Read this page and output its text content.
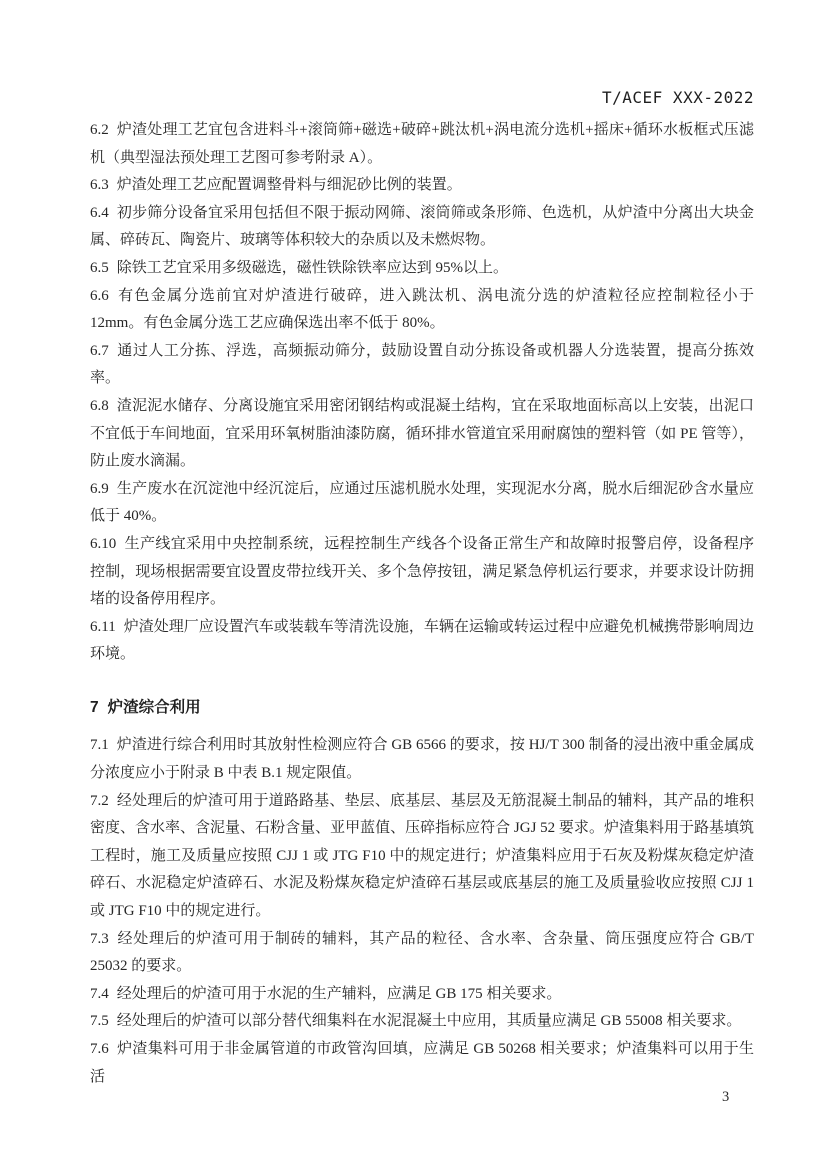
T/ACEF XXX-2022

6.2 炉渣处理工艺宜包含进料斗+滚筒筛+磁选+破碎+跳汰机+涡电流分选机+摇床+循环水板框式压滤机（典型湿法预处理工艺图可参考附录 A）。

6.3 炉渣处理工艺应配置调整骨料与细泥砂比例的装置。

6.4 初步筛分设备宜采用包括但不限于振动网筛、滚筒筛或条形筛、色选机，从炉渣中分离出大块金属、碎砖瓦、陶瓷片、玻璃等体积较大的杂质以及未燃烬物。

6.5 除铁工艺宜采用多级磁选，磁性铁除铁率应达到 95%以上。

6.6 有色金属分选前宜对炉渣进行破碎，进入跳汰机、涡电流分选的炉渣粒径应控制粒径小于 12mm。有色金属分选工艺应确保选出率不低于 80%。

6.7 通过人工分拣、浮选，高频振动筛分，鼓励设置自动分拣设备或机器人分选装置，提高分拣效率。

6.8 渣泥泥水储存、分离设施宜采用密闭钢结构或混凝土结构，宜在采取地面标高以上安装，出泥口不宜低于车间地面，宜采用环氧树脂油漆防腐，循环排水管道宜采用耐腐蚀的塑料管（如 PE 管等），防止废水滴漏。

6.9 生产废水在沉淀池中经沉淀后，应通过压滤机脱水处理，实现泥水分离，脱水后细泥砂含水量应低于 40%。

6.10 生产线宜采用中央控制系统，远程控制生产线各个设备正常生产和故障时报警启停，设备程序控制，现场根据需要宜设置皮带拉线开关、多个急停按钮，满足紧急停机运行要求，并要求设计防拥堵的设备停用程序。

6.11 炉渣处理厂应设置汽车或装载车等清洗设施，车辆在运输或转运过程中应避免机械携带影响周边环境。

7 炉渣综合利用

7.1 炉渣进行综合利用时其放射性检测应符合 GB 6566 的要求，按 HJ/T 300 制备的浸出液中重金属成分浓度应小于附录 B 中表 B.1 规定限值。

7.2 经处理后的炉渣可用于道路路基、垫层、底基层、基层及无筋混凝土制品的辅料，其产品的堆积密度、含水率、含泥量、石粉含量、亚甲蓝值、压碎指标应符合 JGJ 52 要求。炉渣集料用于路基填筑工程时，施工及质量应按照 CJJ 1 或 JTG F10 中的规定进行；炉渣集料应用于石灰及粉煤灰稳定炉渣碎石、水泥稳定炉渣碎石、水泥及粉煤灰稳定炉渣碎石基层或底基层的施工及质量验收应按照 CJJ 1 或 JTG F10 中的规定进行。

7.3 经处理后的炉渣可用于制砖的辅料，其产品的粒径、含水率、含杂量、筒压强度应符合 GB/T 25032 的要求。

7.4 经处理后的炉渣可用于水泥的生产辅料，应满足 GB 175 相关要求。

7.5 经处理后的炉渣可以部分替代细集料在水泥混凝土中应用，其质量应满足 GB 55008 相关要求。

7.6 炉渣集料可用于非金属管道的市政管沟回填，应满足 GB 50268 相关要求；炉渣集料可以用于生活

3
